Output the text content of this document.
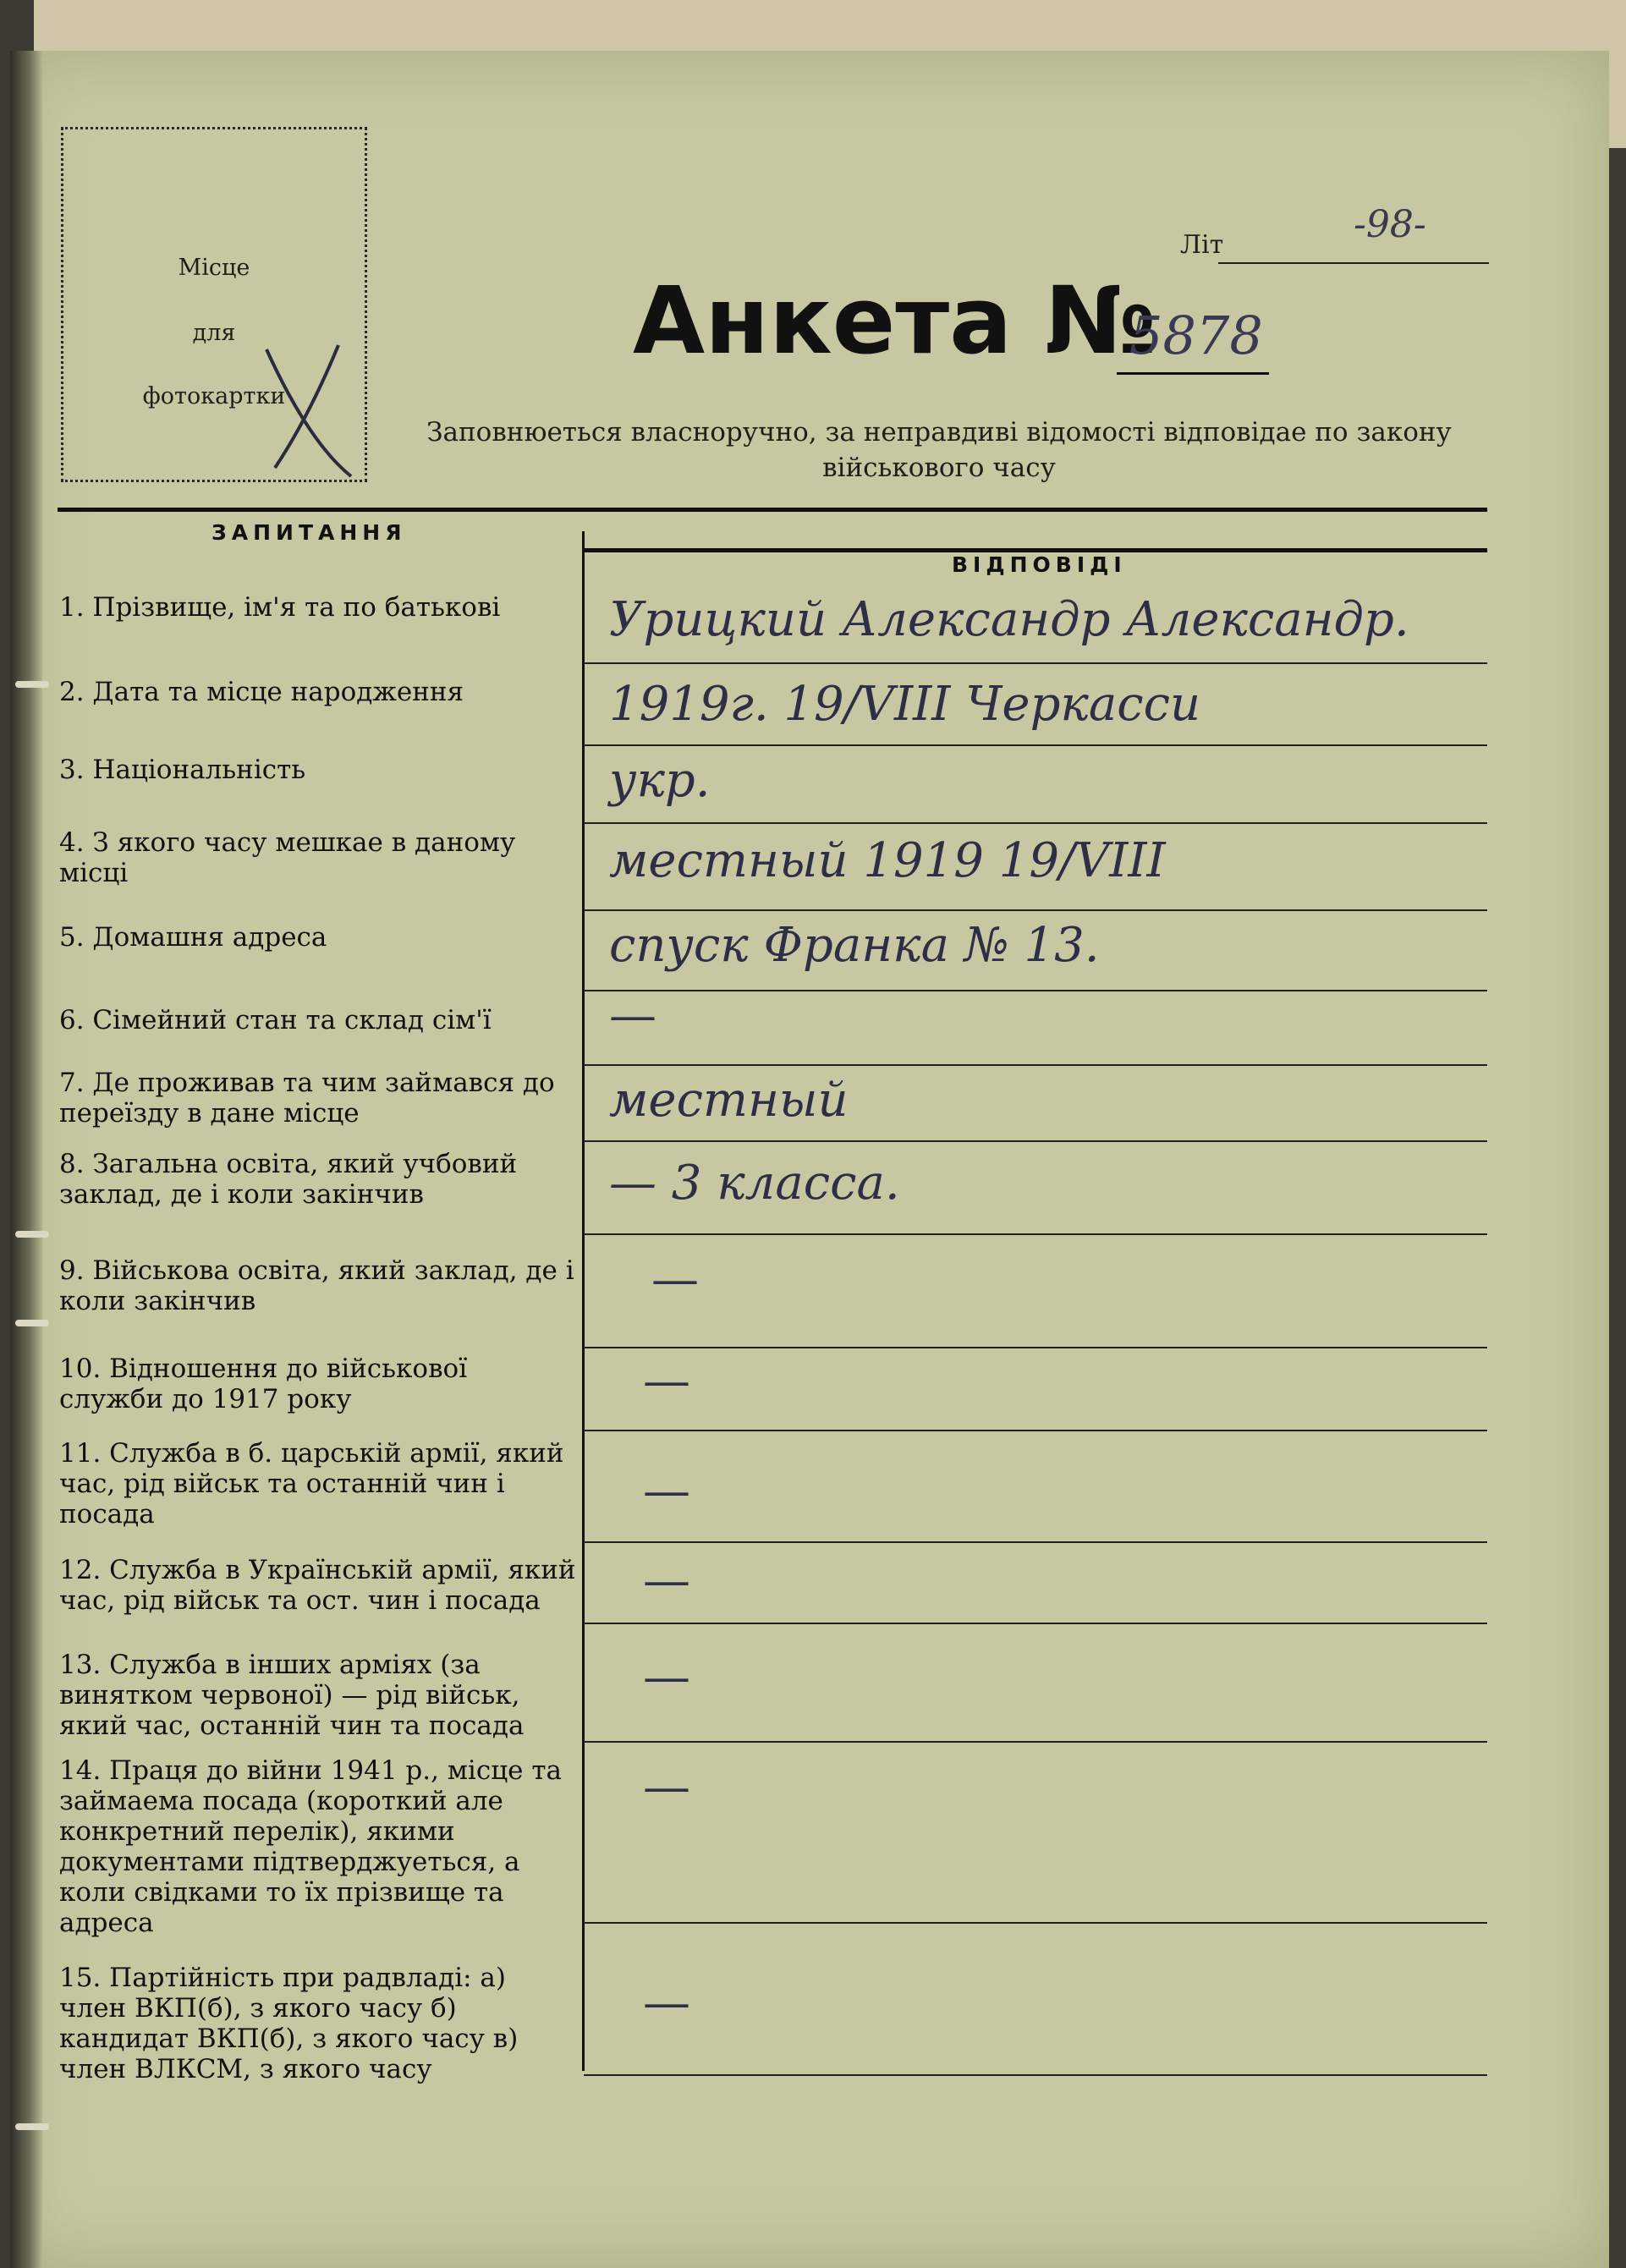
Місце
для
фотокартки
Літ	-98-
Анкета №
5878
Заповнюеться власноручно, за неправдиві відомості відповідае по закону
військового часу
ЗАПИТАННЯ
ВІДПОВІДІ
1. Прізвище, ім'я та по батькові
2. Дата та місце народження
3. Національність
4. З якого часу мешкае в даному місці
5. Домашня адреса
6. Сімейний стан та склад сім'ї
7. Де проживав та чим займався до переїзду в дане місце
8. Загальна освіта, який учбовий заклад, де і коли закінчив
9. Військова освіта, який заклад, де і коли закінчив
10. Відношення до військової служби до 1917 року
11. Служба в б. царській армії, який час, рід військ та останній чин і посада
12. Служба в Українській армії, який час, рід військ та ост. чин і посада
13. Служба в інших арміях (за винятком червоної) — рід військ, який час, останній чин та посада
14. Праця до війни 1941 р., місце та займаема посада (короткий але конкретний перелік), якими документами підтверджуеться, а коли свідками то їх прізвище та адреса
15. Партійність при радвладі: а) член ВКП(б), з якого часу б) кандидат ВКП(б), з якого часу в) член ВЛКСМ, з якого часу
Урицкий Александр Александр.
1919г. 19/VIII Черкасси
укр.
местный 1919 19/VIII
спуск Франка № 13.
—
местный
— 3 класса.
—
—
—
—
—
—
—
